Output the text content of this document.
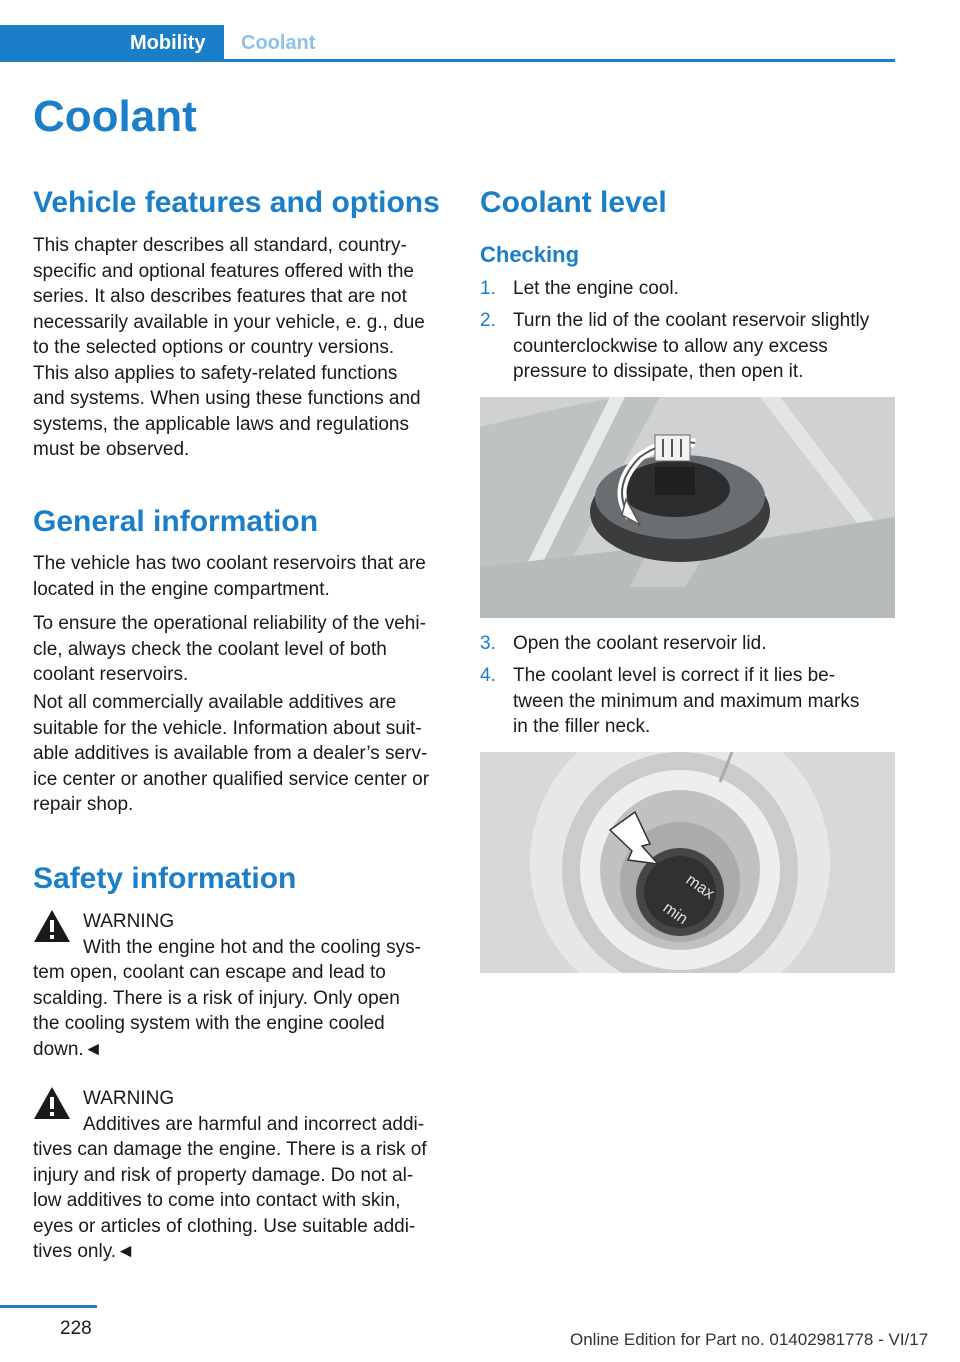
Mobility	Coolant
Coolant
Vehicle features and options

This chapter describes all standard, country-
specific and optional features offered with the
series. It also describes features that are not
necessarily available in your vehicle, e. g., due
to the selected options or country versions.
This also applies to safety-related functions
and systems. When using these functions and
systems, the applicable laws and regulations
must be observed.

General information

The vehicle has two coolant reservoirs that are
located in the engine compartment.

To ensure the operational reliability of the vehi-
cle, always check the coolant level of both
coolant reservoirs.

Not all commercially available additives are
suitable for the vehicle. Information about suit-
able additives is available from a dealer’s serv-
ice center or another qualified service center or
repair shop.

Safety information
WARNING
With the engine hot and the cooling sys-
tem open, coolant can escape and lead to
scalding. There is a risk of injury. Only open
the cooling system with the engine cooled
down.◄
WARNING
Additives are harmful and incorrect addi-
tives can damage the engine. There is a risk of
injury and risk of property damage. Do not al-
low additives to come into contact with skin,
eyes or articles of clothing. Use suitable addi-
tives only.◄
Coolant level
Checking
1. Let the engine cool.
2. Turn the lid of the coolant reservoir slightly
counterclockwise to allow any excess
pressure to dissipate, then open it.
3. Open the coolant reservoir lid.
4. The coolant level is correct if it lies be-
tween the minimum and maximum marks
in the filler neck.
max
min
228
Online Edition for Part no. 01402981778 - VI/17
